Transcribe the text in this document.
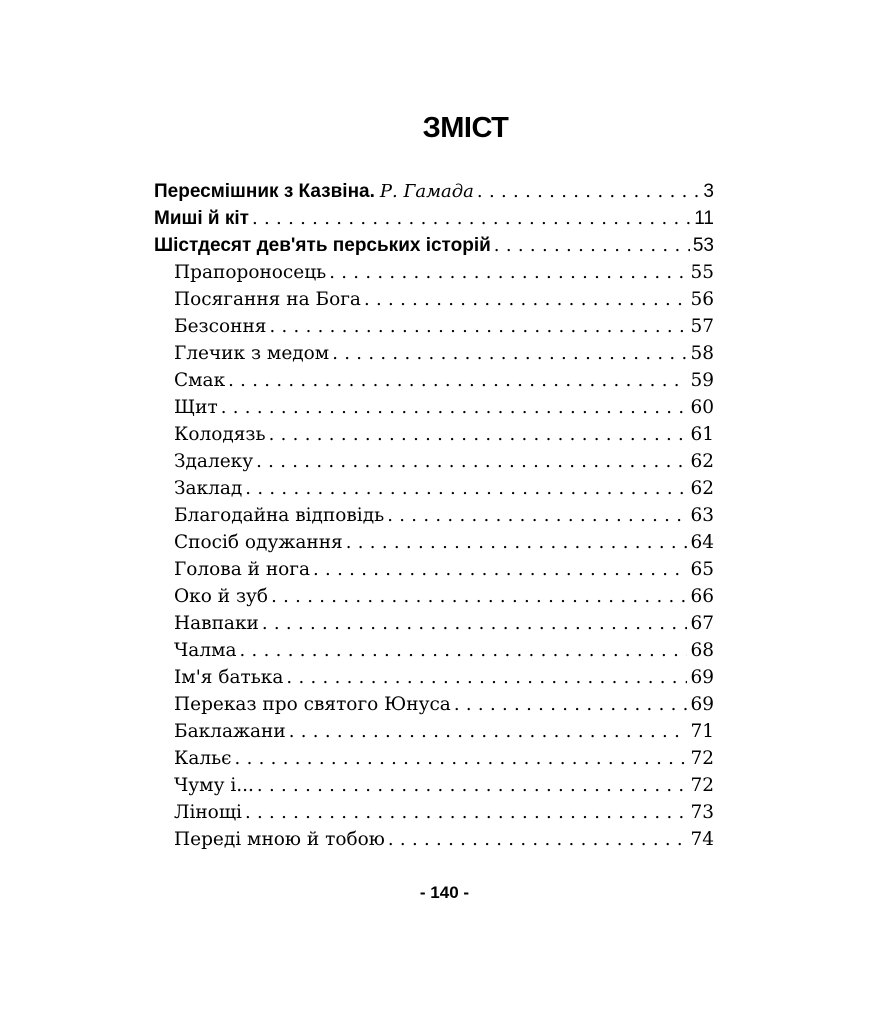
ЗМІСТ
Пересмішник з Казвіна. Р. Гамада . . .	3
Миші й кіт . . .	11
Шістдесят дев'ять перських історій . . .	53
Прапороносець . . .	55
Посягання на Бога . . .	56
Безсоння . . .	57
Глечик з медом . . .	58
Смак . . .	59
Щит . . .	60
Колодязь . . .	61
Здалеку . . .	62
Заклад . . .	62
Благодайна відповідь . . .	63
Спосіб одужання . . .	64
Голова й нога . . .	65
Око й зуб . . .	66
Навпаки . . .	67
Чалма . . .	68
Ім'я батька . . .	69
Переказ про святого Юнуса . . .	69
Баклажани . . .	71
Кальє . . .	72
Чуму і... . . .	72
Лінощі . . .	73
Переді мною й тобою . . .	74
- 140 -
